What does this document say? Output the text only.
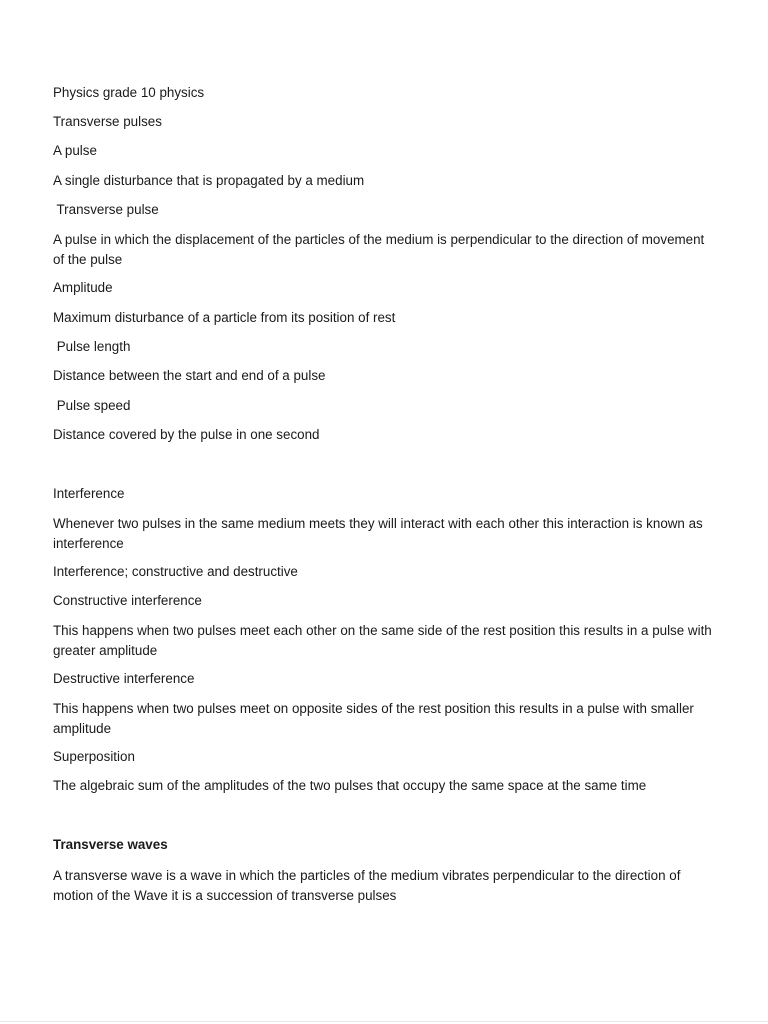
Physics grade 10 physics

Transverse pulses

A pulse

A single disturbance that is propagated by a medium

Transverse pulse

A pulse in which the displacement of the particles of the medium is perpendicular to the direction of movement of the pulse

Amplitude

Maximum disturbance of a particle from its position of rest

Pulse length

Distance between the start and end of a pulse

Pulse speed

Distance covered by the pulse in one second

Interference

Whenever two pulses in the same medium meets they will interact with each other this interaction is known as interference

Interference; constructive and destructive

Constructive interference

This happens when two pulses meet each other on the same side of the rest position this results in a pulse with greater amplitude

Destructive interference

This happens when two pulses meet on opposite sides of the rest position this results in a pulse with smaller amplitude

Superposition

The algebraic sum of the amplitudes of the two pulses that occupy the same space at the same time

Transverse waves

A transverse wave is a wave in which the particles of the medium vibrates perpendicular to the direction of motion of the Wave it is a succession of transverse pulses
